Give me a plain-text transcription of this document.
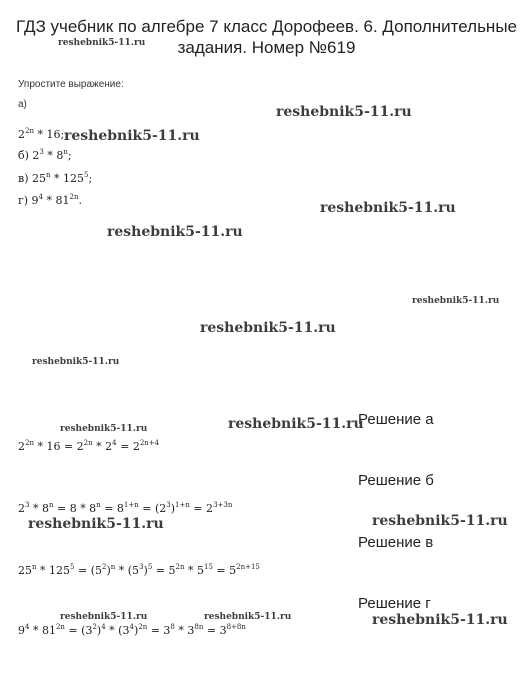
ГДЗ учебник по алгебре 7 класс Дорофеев. 6. Дополнительные
задания. Номер №619
Упростите выражение:
а)
$2^{2n} * 16$;
б) $2^3 * 8^n$;
в) $25^n * 125^5$;
г) $9^4 * 81^{2n}$.
Решение а
$2^{2n} * 16 = 2^{2n} * 2^4 = 2^{2n+4}$
Решение б
$2^3 * 8^n = 8 * 8^n = 8^{1+n} = (2^3)^{1+n} = 2^{3+3n}$
Решение в
$25^n * 125^5 = (5^2)^n * (5^3)^5 = 5^{2n} * 5^{15} = 5^{2n+15}$
Решение г
$9^4 * 81^{2n} = (3^2)^4 * (3^4)^{2n} = 3^8 * 3^{8n} = 3^{8+8n}$
reshebnik5-11.ru
reshebnik5-11.ru
reshebnik5-11.ru
reshebnik5-11.ru
reshebnik5-11.ru
reshebnik5-11.ru
reshebnik5-11.ru
reshebnik5-11.ru
reshebnik5-11.ru	reshebnik5-11.ru
reshebnik5-11.ru	reshebnik5-11.ru
reshebnik5-11.ru	reshebnik5-11.ru	reshebnik5-11.ru
